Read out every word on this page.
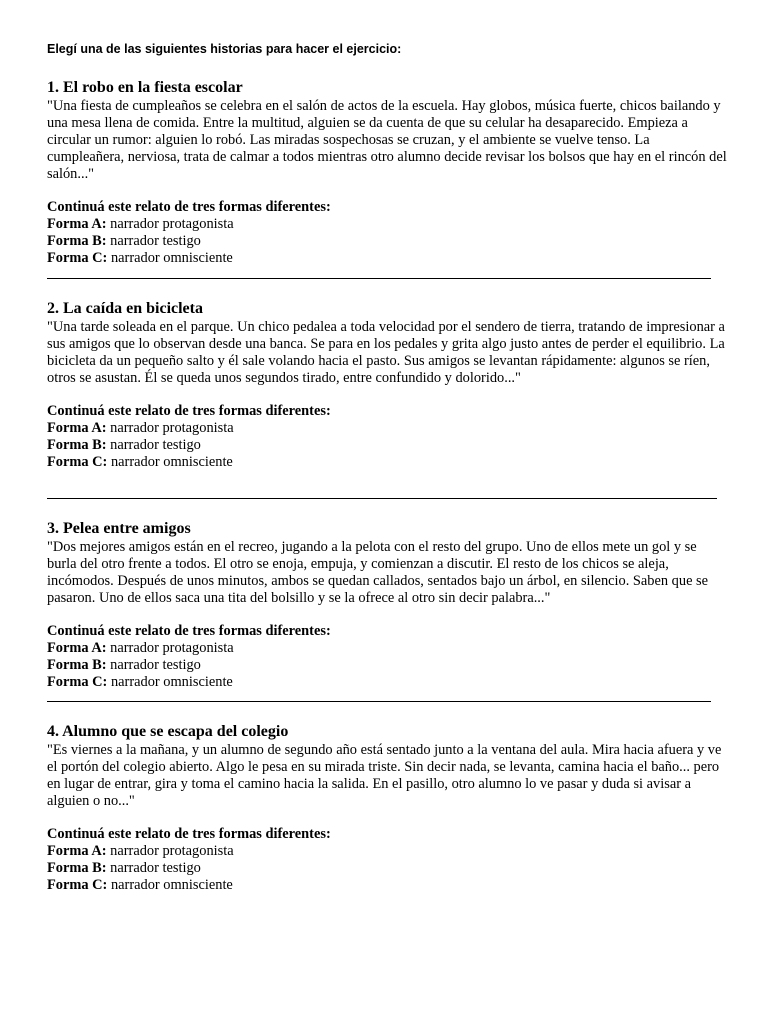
Elegí una de las siguientes historias para hacer el ejercicio:
1. El robo en la fiesta escolar

"Una fiesta de cumpleaños se celebra en el salón de actos de la escuela. Hay globos, música fuerte, chicos bailando y una mesa llena de comida. Entre la multitud, alguien se da cuenta de que su celular ha desaparecido. Empieza a circular un rumor: alguien lo robó. Las miradas sospechosas se cruzan, y el ambiente se vuelve tenso. La cumpleañera, nerviosa, trata de calmar a todos mientras otro alumno decide revisar los bolsos que hay en el rincón del salón..."

Continuá este relato de tres formas diferentes:
Forma A: narrador protagonista
Forma B: narrador testigo
Forma C: narrador omnisciente
2. La caída en bicicleta

"Una tarde soleada en el parque. Un chico pedalea a toda velocidad por el sendero de tierra, tratando de impresionar a sus amigos que lo observan desde una banca. Se para en los pedales y grita algo justo antes de perder el equilibrio. La bicicleta da un pequeño salto y él sale volando hacia el pasto. Sus amigos se levantan rápidamente: algunos se ríen, otros se asustan. Él se queda unos segundos tirado, entre confundido y dolorido..."

Continuá este relato de tres formas diferentes:
Forma A: narrador protagonista
Forma B: narrador testigo
Forma C: narrador omnisciente
3. Pelea entre amigos

"Dos mejores amigos están en el recreo, jugando a la pelota con el resto del grupo. Uno de ellos mete un gol y se burla del otro frente a todos. El otro se enoja, empuja, y comienzan a discutir. El resto de los chicos se aleja, incómodos. Después de unos minutos, ambos se quedan callados, sentados bajo un árbol, en silencio. Saben que se pasaron. Uno de ellos saca una tita del bolsillo y se la ofrece al otro sin decir palabra..."

Continuá este relato de tres formas diferentes:
Forma A: narrador protagonista
Forma B: narrador testigo
Forma C: narrador omnisciente
4. Alumno que se escapa del colegio

"Es viernes a la mañana, y un alumno de segundo año está sentado junto a la ventana del aula. Mira hacia afuera y ve el portón del colegio abierto. Algo le pesa en su mirada triste. Sin decir nada, se levanta, camina hacia el baño... pero en lugar de entrar, gira y toma el camino hacia la salida. En el pasillo, otro alumno lo ve pasar y duda si avisar a alguien o no..."

Continuá este relato de tres formas diferentes:
Forma A: narrador protagonista
Forma B: narrador testigo
Forma C: narrador omnisciente
